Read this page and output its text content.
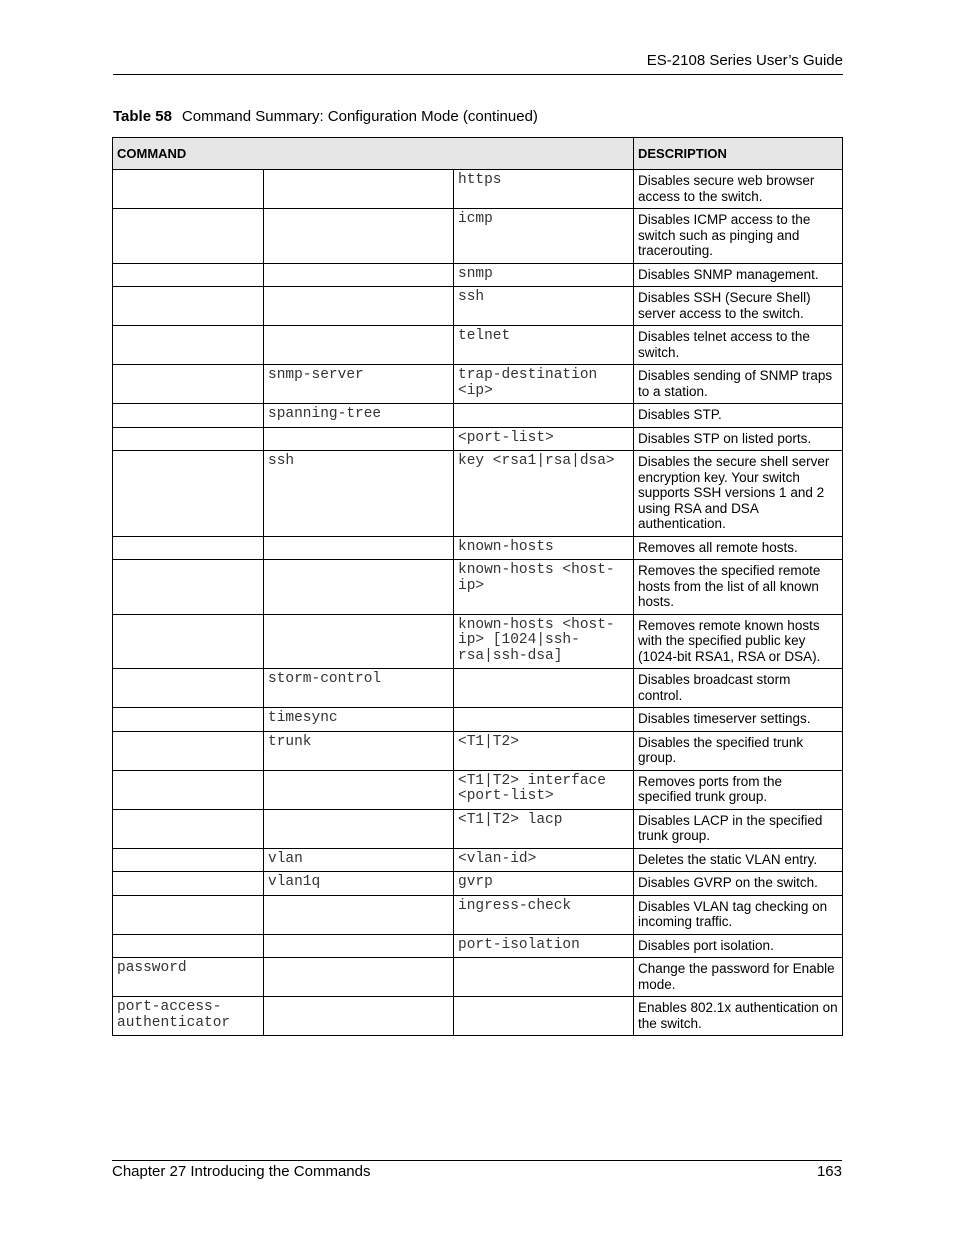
ES-2108 Series User’s Guide
Table 58 Command Summary: Configuration Mode (continued)
COMMAND			DESCRIPTION
		https	Disables secure web browser access to the switch.
		icmp	Disables ICMP access to the switch such as pinging and tracerouting.
		snmp	Disables SNMP management.
		ssh	Disables SSH (Secure Shell) server access to the switch.
		telnet	Disables telnet access to the switch.
	snmp-server	trap-destination <ip>	Disables sending of SNMP traps to a station.
	spanning-tree		Disables STP.
		<port-list>	Disables STP on listed ports.
	ssh	key <rsa1|rsa|dsa>	Disables the secure shell server encryption key. Your switch supports SSH versions 1 and 2 using RSA and DSA authentication.
		known-hosts	Removes all remote hosts.
		known-hosts <host-ip>	Removes the specified remote hosts from the list of all known hosts.
		known-hosts <host-ip> [1024|ssh-rsa|ssh-dsa]	Removes remote known hosts with the specified public key (1024-bit RSA1, RSA or DSA).
	storm-control		Disables broadcast storm control.
	timesync		Disables timeserver settings.
	trunk	<T1|T2>	Disables the specified trunk group.
		<T1|T2> interface <port-list>	Removes ports from the specified trunk group.
		<T1|T2> lacp	Disables LACP in the specified trunk group.
	vlan	<vlan-id>	Deletes the static VLAN entry.
	vlan1q	gvrp	Disables GVRP on the switch.
		ingress-check	Disables VLAN tag checking on incoming traffic.
		port-isolation	Disables port isolation.
password			Change the password for Enable mode.
port-access-authenticator			Enables 802.1x authentication on the switch.
Chapter 27 Introducing the Commands	163
